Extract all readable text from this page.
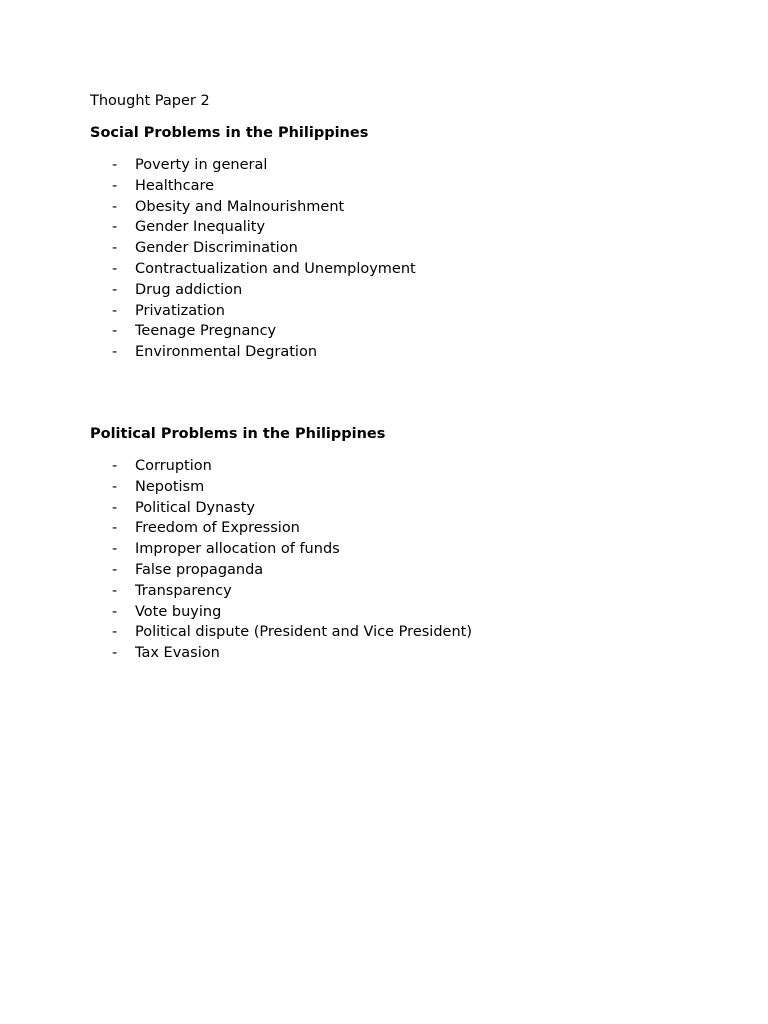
Thought Paper 2
Social Problems in the Philippines
- Poverty in general
- Healthcare
- Obesity and Malnourishment
- Gender Inequality
- Gender Discrimination
- Contractualization and Unemployment
- Drug addiction
- Privatization
- Teenage Pregnancy
- Environmental Degration
Political Problems in the Philippines
- Corruption
- Nepotism
- Political Dynasty
- Freedom of Expression
- Improper allocation of funds
- False propaganda
- Transparency
- Vote buying
- Political dispute (President and Vice President)
- Tax Evasion
